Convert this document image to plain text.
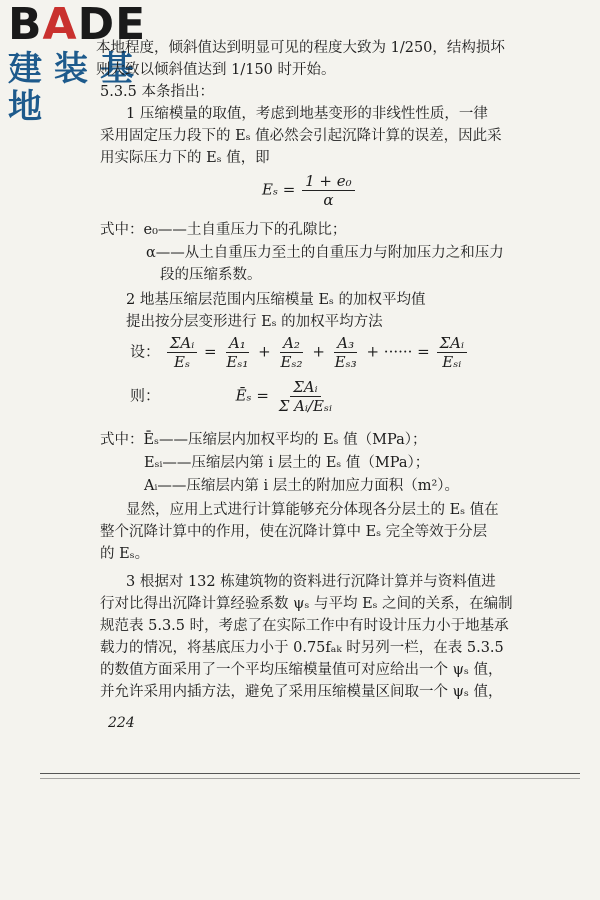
BADE
建装基地
本地程度，倾斜值达到明显可见的程度大致为 1/250，结构损坏
则大致以倾斜值达到 1/150 时开始。
5.3.5 本条指出：
1 压缩模量的取值，考虑到地基变形的非线性性质，一律
采用固定压力段下的 Eₛ 值必然会引起沉降计算的误差，因此采
用实际压力下的 Eₛ 值，即
$E_s = \frac{\text{1 + e₀}}{\alpha}$
式中：e₀——土自重压力下的孔隙比；
α——从土自重压力至土的自重压力与附加压力之和压力
段的压缩系数。
2 地基压缩层范围内压缩模量 Eₛ 的加权平均值
提出按分层变形进行 Eₛ 的加权平均方法
设： $\frac{\text{ΣAᵢ}}{\text{Eₛ}} = \frac{\text{A₁}}{\text{Eₛ₁}} + \frac{\text{A₂}}{\text{Eₛ₂}} + \frac{\text{A₃}}{\text{Eₛ₃}}$ + ······ = $\frac{\text{ΣAᵢ}}{\text{Eₛᵢ}}$
则：	Ēₛ = $\frac{\text{ΣAᵢ}}{\text{Σ Aᵢ/Eₛᵢ}}$
式中：Ēₛ——压缩层内加权平均的 Eₛ 值（MPa）；
Eₛᵢ——压缩层内第 i 层土的 Eₛ 值（MPa）；
Aᵢ——压缩层内第 i 层土的附加应力面积（m²）。
显然，应用上式进行计算能够充分体现各分层土的 Eₛ 值在
整个沉降计算中的作用，使在沉降计算中 Eₛ 完全等效于分层
的 Eₛ。
3 根据对 132 栋建筑物的资料进行沉降计算并与资料值进
行对比得出沉降计算经验系数 ψₛ 与平均 Eₛ 之间的关系，在编制
规范表 5.3.5 时，考虑了在实际工作中有时设计压力小于地基承
载力的情况，将基底压力小于 0.75fₐₖ 时另列一栏，在表 5.3.5
的数值方面采用了一个平均压缩模量值可对应给出一个 ψₛ 值，
并允许采用内插方法，避免了采用压缩模量区间取一个 ψₛ 值，
224
